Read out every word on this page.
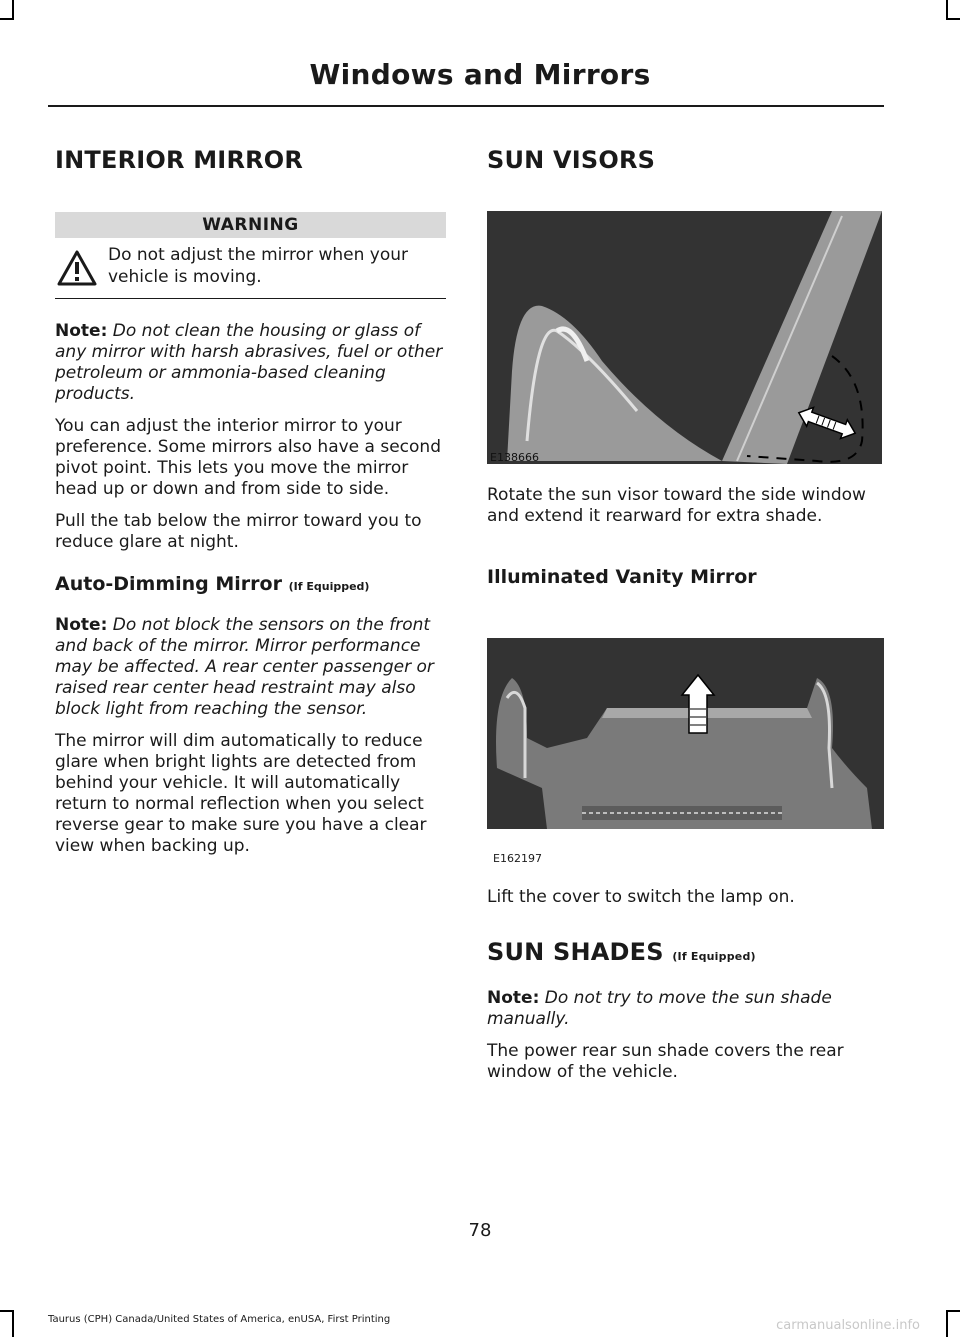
Windows and Mirrors
INTERIOR MIRROR
WARNING
Do not adjust the mirror when your vehicle is moving.

Note: Do not clean the housing or glass of any mirror with harsh abrasives, fuel or other petroleum or ammonia-based cleaning products.

You can adjust the interior mirror to your preference. Some mirrors also have a second pivot point. This lets you move the mirror head up or down and from side to side.

Pull the tab below the mirror toward you to reduce glare at night.

Auto-Dimming Mirror (If Equipped)

Note: Do not block the sensors on the front and back of the mirror. Mirror performance may be affected. A rear center passenger or raised rear center head restraint may also block light from reaching the sensor.

The mirror will dim automatically to reduce glare when bright lights are detected from behind your vehicle. It will automatically return to normal reflection when you select reverse gear to make sure you have a clear view when backing up.

SUN VISORS
E138666

Rotate the sun visor toward the side window and extend it rearward for extra shade.

Illuminated Vanity Mirror
E162197

Lift the cover to switch the lamp on.

SUN SHADES (If Equipped)

Note: Do not try to move the sun shade manually.

The power rear sun shade covers the rear window of the vehicle.

78
Taurus (CPH) Canada/United States of America, enUSA, First Printing	carmanualsonline.info
